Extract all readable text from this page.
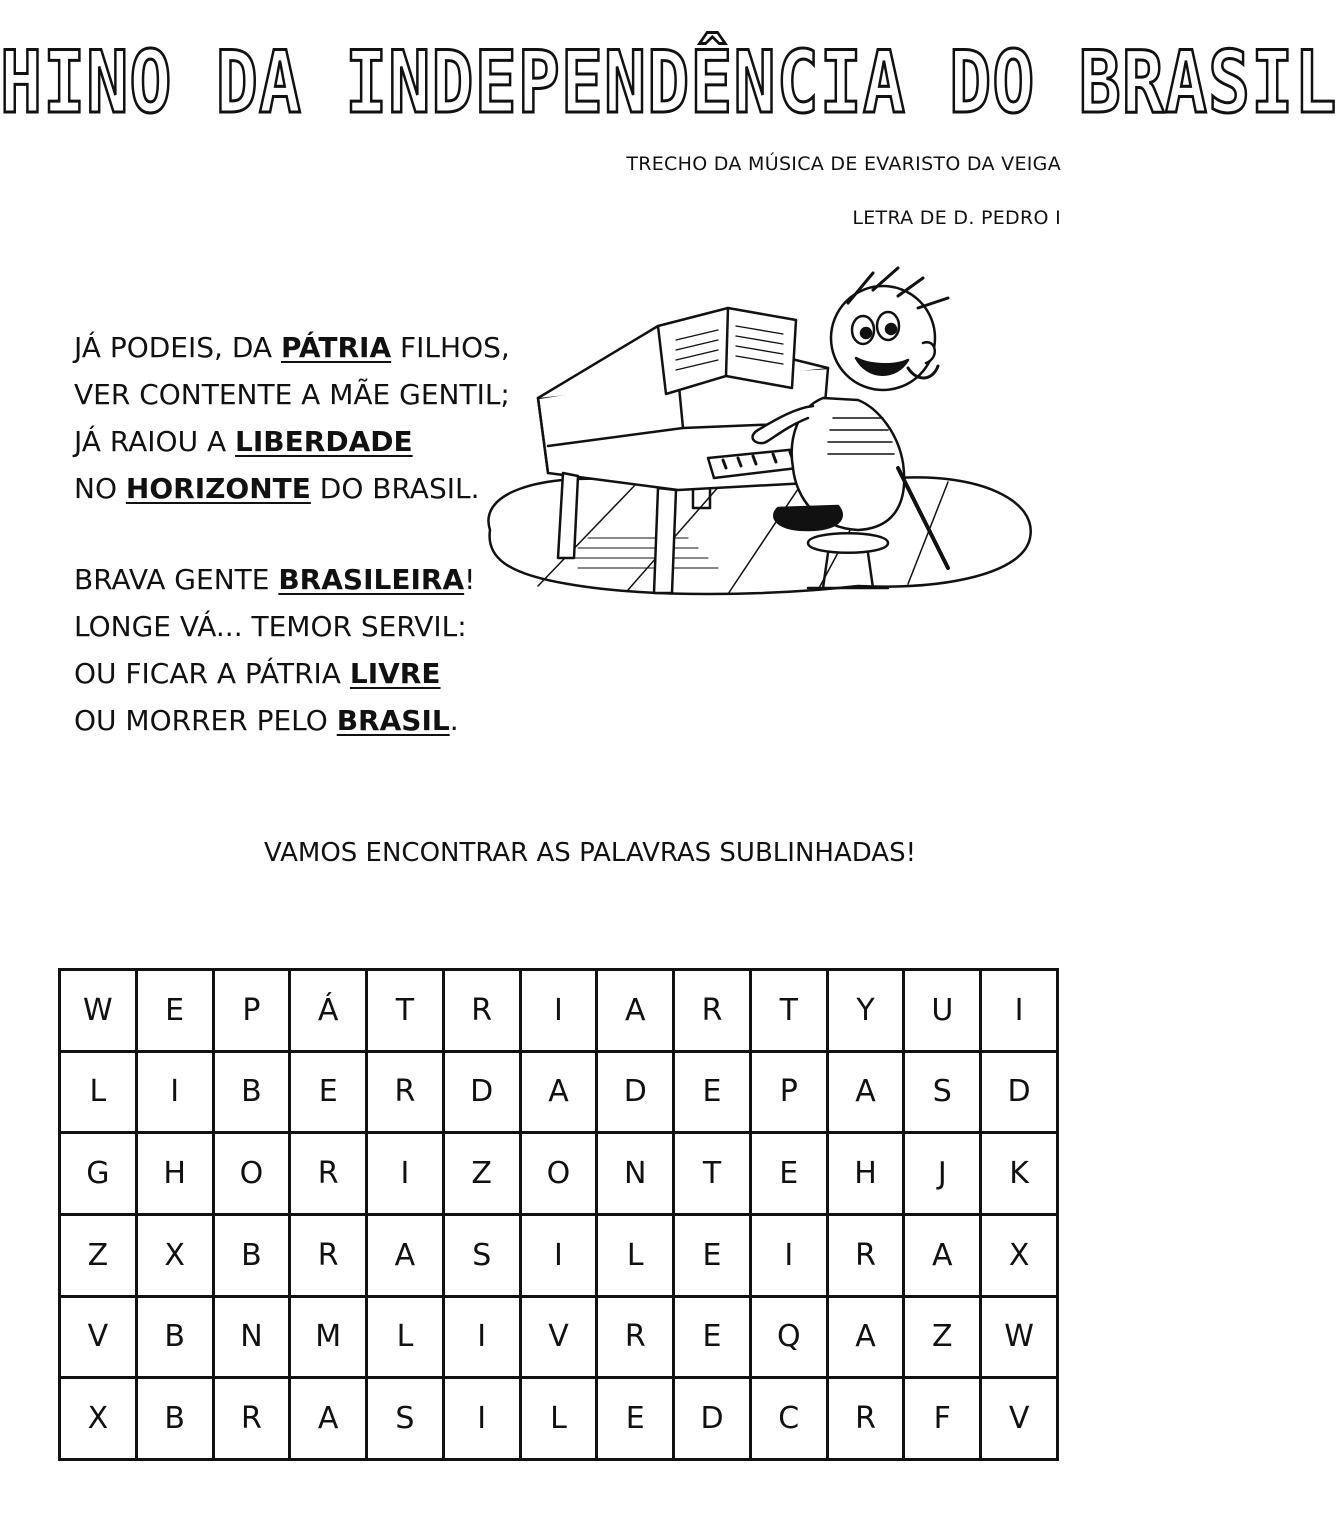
HINO DA INDEPENDÊNCIA DO BRASIL
TRECHO DA MÚSICA DE EVARISTO DA VEIGA
LETRA DE D. PEDRO I
JÁ PODEIS, DA PÁTRIA FILHOS,
VER CONTENTE A MÃE GENTIL;
JÁ RAIOU A LIBERDADE
NO HORIZONTE DO BRASIL.
BRAVA GENTE BRASILEIRA!
LONGE VÁ... TEMOR SERVIL:
OU FICAR A PÁTRIA LIVRE
OU MORRER PELO BRASIL.
VAMOS ENCONTRAR AS PALAVRAS SUBLINHADAS!
W	E	P	Á	T	R	I	A	R	T	Y	U	I
L	I	B	E	R	D	A	D	E	P	A	S	D
G	H	O	R	I	Z	O	N	T	E	H	J	K
Z	X	B	R	A	S	I	L	E	I	R	A	X
V	B	N	M	L	I	V	R	E	Q	A	Z	W
X	B	R	A	S	I	L	E	D	C	R	F	V
